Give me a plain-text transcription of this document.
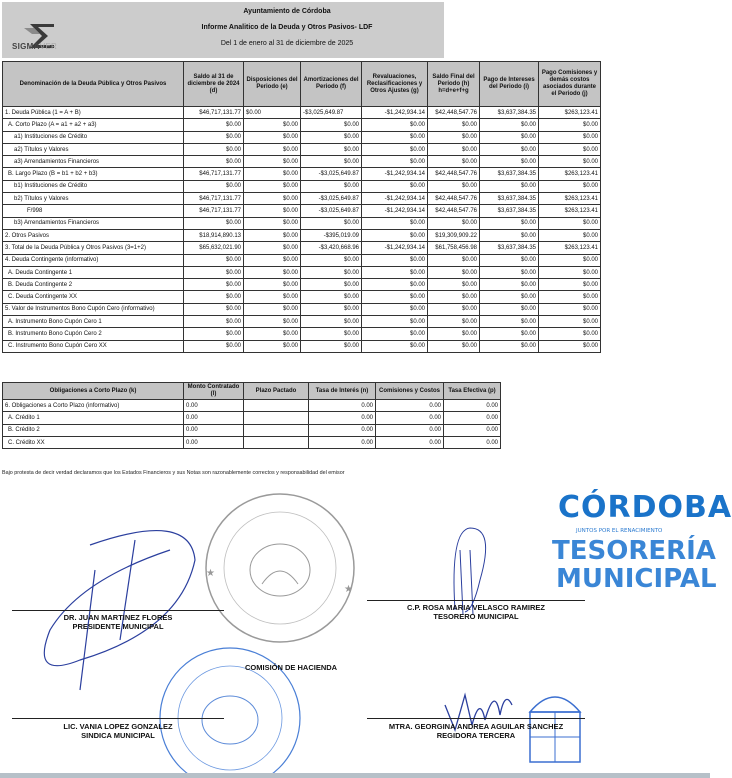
SIGMAVER
Ayuntamiento de Córdoba
Informe Analitico de la Deuda y Otros Pasivos- LDF
Del 1 de enero al 31 de diciembre de 2025
Denominación de la Deuda Pública y Otros Pasivos	Saldo al 31 de diciembre de 2024 (d)	Disposiciones del Periodo (e)	Amortizaciones del Periodo (f)	Revaluaciones, Reclasificaciones y Otros Ajustes (g)	Saldo Final del Periodo (h) h=d+e+f+g	Pago de Intereses del Periodo (i)	Pago Comisiones y demás costos asociados durante el Periodo (j)
1. Deuda Pública (1 = A + B)	$46,717,131.77	$0.00	-$3,025,649.87	-$1,242,934.14	$42,448,547.76	$3,637,384.35	$263,123.41
A. Corto Plazo (A = a1 + a2 + a3)	$0.00	$0.00	$0.00	$0.00	$0.00	$0.00	$0.00
a1) Instituciones de Crédito	$0.00	$0.00	$0.00	$0.00	$0.00	$0.00	$0.00
a2) Títulos y Valores	$0.00	$0.00	$0.00	$0.00	$0.00	$0.00	$0.00
a3) Arrendamientos Financieros	$0.00	$0.00	$0.00	$0.00	$0.00	$0.00	$0.00
B. Largo Plazo (B = b1 + b2 + b3)	$46,717,131.77	$0.00	-$3,025,649.87	-$1,242,934.14	$42,448,547.76	$3,637,384.35	$263,123.41
b1) Instituciones de Crédito	$0.00	$0.00	$0.00	$0.00	$0.00	$0.00	$0.00
b2) Títulos y Valores	$46,717,131.77	$0.00	-$3,025,649.87	-$1,242,934.14	$42,448,547.76	$3,637,384.35	$263,123.41
F/998	$46,717,131.77	$0.00	-$3,025,649.87	-$1,242,934.14	$42,448,547.76	$3,637,384.35	$263,123.41
b3) Arrendamientos Financieros	$0.00	$0.00	$0.00	$0.00	$0.00	$0.00	$0.00
2. Otros Pasivos	$18,914,890.13	$0.00	-$395,019.09	$0.00	$19,309,909.22	$0.00	$0.00
3. Total de la Deuda Pública y Otros Pasivos (3=1+2)	$65,632,021.90	$0.00	-$3,420,668.96	-$1,242,934.14	$61,758,456.98	$3,637,384.35	$263,123.41
4. Deuda Contingente (informativo)	$0.00	$0.00	$0.00	$0.00	$0.00	$0.00	$0.00
A. Deuda Contingente 1	$0.00	$0.00	$0.00	$0.00	$0.00	$0.00	$0.00
B. Deuda Contingente 2	$0.00	$0.00	$0.00	$0.00	$0.00	$0.00	$0.00
C. Deuda Contingente XX	$0.00	$0.00	$0.00	$0.00	$0.00	$0.00	$0.00
5. Valor de Instrumentos Bono Cupón Cero (informativo)	$0.00	$0.00	$0.00	$0.00	$0.00	$0.00	$0.00
A. Instrumento Bono Cupón Cero 1	$0.00	$0.00	$0.00	$0.00	$0.00	$0.00	$0.00
B. Instrumento Bono Cupón Cero 2	$0.00	$0.00	$0.00	$0.00	$0.00	$0.00	$0.00
C. Instrumento Bono Cupón Cero XX	$0.00	$0.00	$0.00	$0.00	$0.00	$0.00	$0.00
Obligaciones a Corto Plazo (k)	Monto Contratado (l)	Plazo Pactado	Tasa de Interés (n)	Comisiones y Costos	Tasa Efectiva (p)
6. Obligaciones a Corto Plazo (informativo)	0.00		0.00	0.00	0.00
A. Crédito 1	0.00		0.00	0.00	0.00
B. Crédito 2	0.00		0.00	0.00	0.00
C. Crédito XX	0.00		0.00	0.00	0.00
Bajo protesta de decir verdad declaramos que los Estados Financieros y sus Notas son razonablemente correctos y responsabilidad del emisor
★
★
CÓRDOBA
JUNTOS POR EL RENACIMIENTO
TESORERÍA
MUNICIPAL
DR. JUAN MARTINEZ FLORES
PRESIDENTE MUNICIPAL
C.P. ROSA MARIA VELASCO RAMIREZ
TESORERO MUNICIPAL
COMISIÓN DE HACIENDA
LIC. VANIA LOPEZ GONZALEZ
SINDICA MUNICIPAL
MTRA. GEORGINA ANDREA AGUILAR SANCHEZ
REGIDORA TERCERA
